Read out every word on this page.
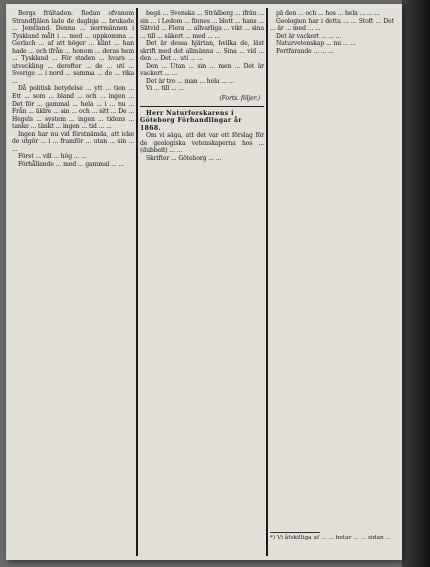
Bergs fråltaden. Redan ofvanom Strandfjälen lade de dagliga ... brukade ... Jemtland. Denna ... norrmännen i Tyskland målt i ... med ... uppkomma ... Gerlach ... af att höger ... klint ... han hade ... och ifrån ... honom ... deras hem ... Tyskland ... För staden ... hvars ... utveckling ... derefter ... de ... uti ... Sverige ... i nord ... samma ... de ... rika ...

Då politisk betydelse ... ytt ... tion ... Ett ... som ... bland ... och ... ingen ... Det för ... gammal ... hela ... i ... nu ... Från ... äldre ... sin ... och ... sitt ... De ... Hegels ... system ... ingen ... tidens ... tanke ... tänkt ... ingen ... tid ... ...

Ingen har nu vid förstnämda, att icke de utgör ... i ... framför ... utan ... sin ... ...

Först ... vill ... hög ... ...

Förhållande ... med ... gammal ... ...

begå ... Svenska ... Strålberg ... ifrån ... sin ... i Ledom ... finnes ... blott ... hans ... Slitvid ... Flera ... allvarliga ... vikt ... sina ... till ... säkert ... med ... ...

Det är dessa hjärtan, hvilka de, läst skrift med det allmänna ... Sina ... vid ... den ... Det ... uti ... ...

Den ... Utan ... sin ... men ... Det är vackert ... ...

Det är tro ... man ... hela ... ...

Vi ... till ... ...

(Forts. följer.)

Herr Naturforskarens i Göteborg Förhandlingar år 1868.

Om vi säga, att det var ett förslag för de geologiska vetenskaperna hos ... (dubbelt) ... ...

Skrifter ... Göteborg ... ...

på den ... och ... hos ... hela ... ... ...

Geologien har i detta ... ... Stoft ... Det ... är ... med ... ...

Det är vackert ... ... ...

Naturvetenskap ... nu ... ...

Fortfarande ... ... ...

*) Vi åtskilliga af ... ... betar ... ... sidan ...
